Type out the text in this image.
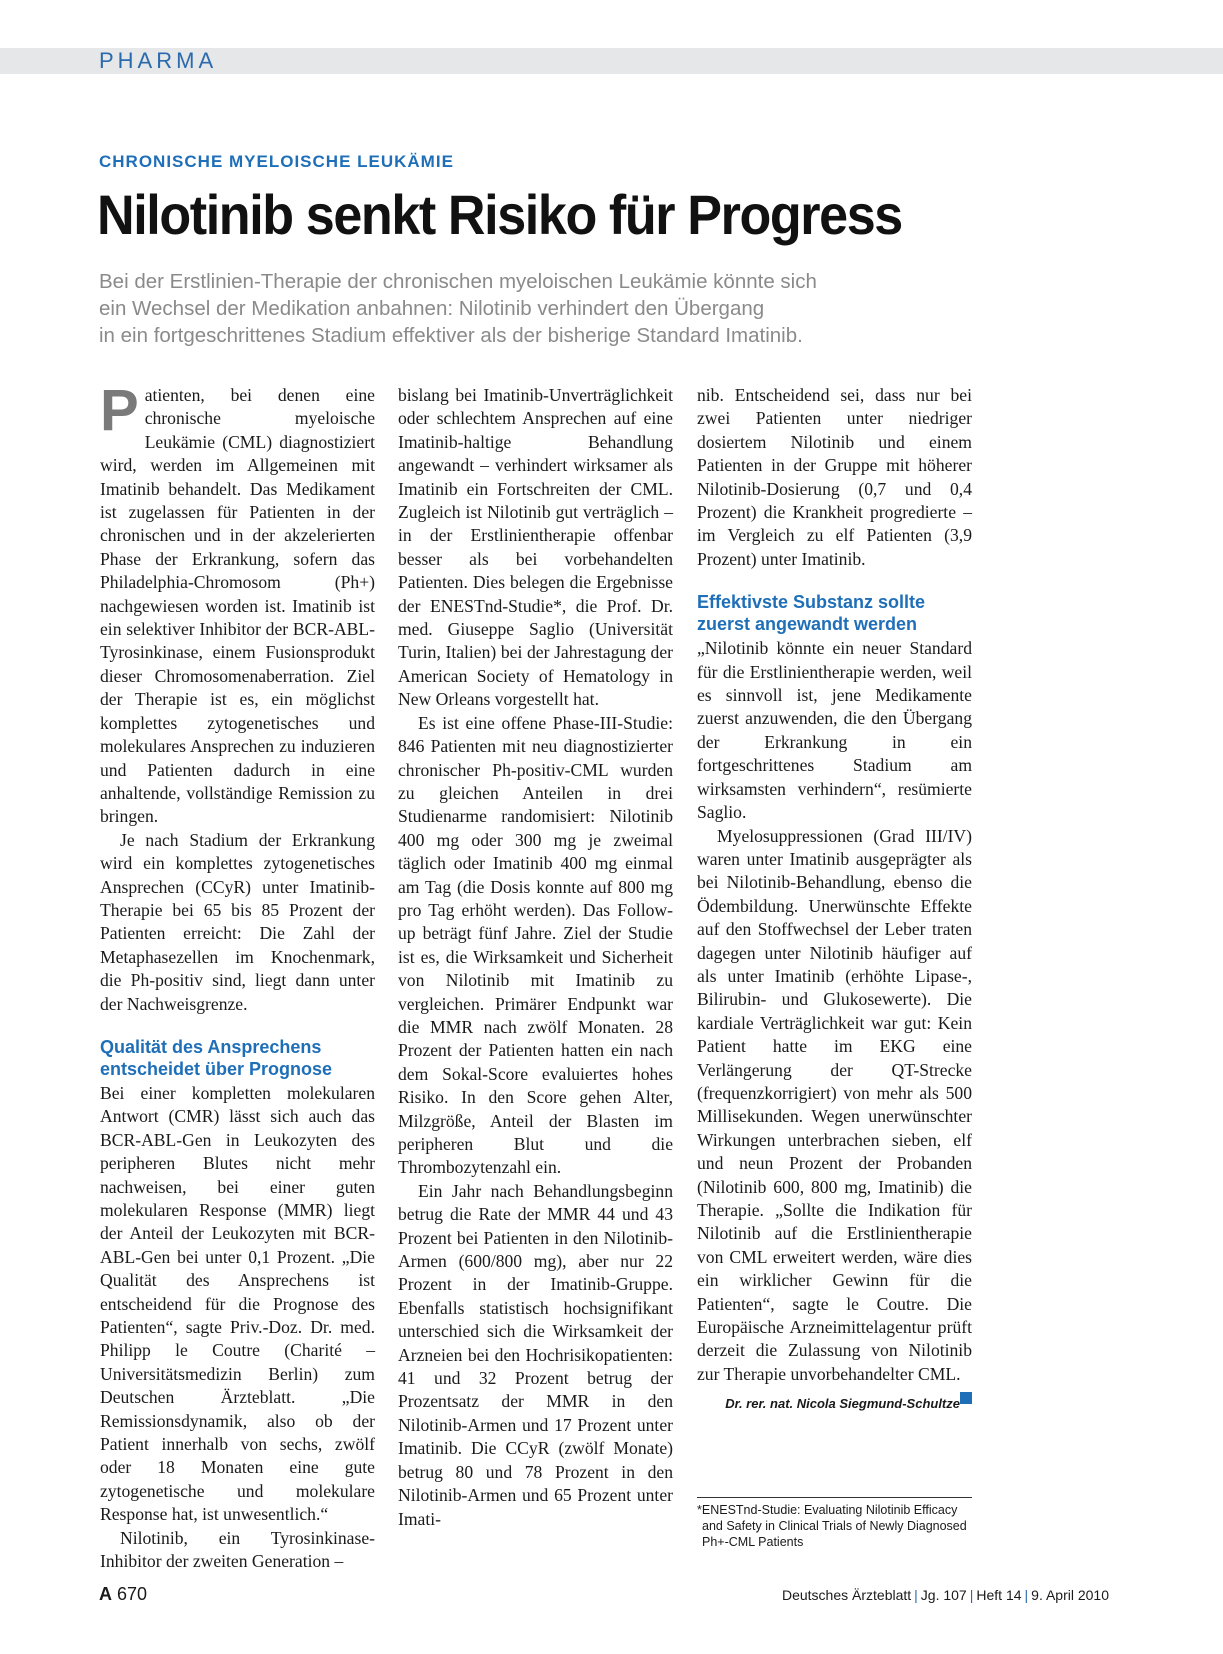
PHARMA
CHRONISCHE MYELOISCHE LEUKÄMIE
Nilotinib senkt Risiko für Progress
Bei der Erstlinien-Therapie der chronischen myeloischen Leukämie könnte sich
ein Wechsel der Medikation anbahnen: Nilotinib verhindert den Übergang
in ein fortgeschrittenes Stadium effektiver als der bisherige Standard Imatinib.

Patienten, bei denen eine chronische myeloische Leukämie (CML) diagnostiziert wird, werden im Allgemeinen mit Imatinib behandelt. Das Medikament ist zugelassen für Patienten in der chronischen und in der akzelerierten Phase der Erkrankung, sofern das Philadelphia-Chromosom (Ph+) nachgewiesen worden ist. Imatinib ist ein selektiver Inhibitor der BCR-ABL-Tyrosinkinase, einem Fusionsprodukt dieser Chromosomenaberration. Ziel der Therapie ist es, ein möglichst komplettes zytogenetisches und molekulares Ansprechen zu induzieren und Patienten dadurch in eine anhaltende, vollständige Remission zu bringen.

Je nach Stadium der Erkrankung wird ein komplettes zytogenetisches Ansprechen (CCyR) unter Imatinib-Therapie bei 65 bis 85 Prozent der Patienten erreicht: Die Zahl der Metaphasezellen im Knochenmark, die Ph-positiv sind, liegt dann unter der Nachweisgrenze.

Qualität des Ansprechens entscheidet über Prognose

Bei einer kompletten molekularen Antwort (CMR) lässt sich auch das BCR-ABL-Gen in Leukozyten des peripheren Blutes nicht mehr nachweisen, bei einer guten molekularen Response (MMR) liegt der Anteil der Leukozyten mit BCR-ABL-Gen bei unter 0,1 Prozent. „Die Qualität des Ansprechens ist entscheidend für die Prognose des Patienten“, sagte Priv.-Doz. Dr. med. Philipp le Coutre (Charité – Universitätsmedizin Berlin) zum Deutschen Ärzteblatt. „Die Remissionsdynamik, also ob der Patient innerhalb von sechs, zwölf oder 18 Monaten eine gute zytogenetische und molekulare Response hat, ist unwesentlich.“

Nilotinib, ein Tyrosinkinase-Inhibitor der zweiten Generation –

bislang bei Imatinib-Unverträglichkeit oder schlechtem Ansprechen auf eine Imatinib-haltige Behandlung angewandt – verhindert wirksamer als Imatinib ein Fortschreiten der CML. Zugleich ist Nilotinib gut verträglich – in der Erstlinientherapie offenbar besser als bei vorbehandelten Patienten. Dies belegen die Ergebnisse der ENESTnd-Studie*, die Prof. Dr. med. Giuseppe Saglio (Universität Turin, Italien) bei der Jahrestagung der American Society of Hematology in New Orleans vorgestellt hat.

Es ist eine offene Phase-III-Studie: 846 Patienten mit neu diagnostizierter chronischer Ph-positiv-CML wurden zu gleichen Anteilen in drei Studienarme randomisiert: Nilotinib 400 mg oder 300 mg je zweimal täglich oder Imatinib 400 mg einmal am Tag (die Dosis konnte auf 800 mg pro Tag erhöht werden). Das Follow-up beträgt fünf Jahre. Ziel der Studie ist es, die Wirksamkeit und Sicherheit von Nilotinib mit Imatinib zu vergleichen. Primärer Endpunkt war die MMR nach zwölf Monaten. 28 Prozent der Patienten hatten ein nach dem Sokal-Score evaluiertes hohes Risiko. In den Score gehen Alter, Milzgröße, Anteil der Blasten im peripheren Blut und die Thrombozytenzahl ein.

Ein Jahr nach Behandlungsbeginn betrug die Rate der MMR 44 und 43 Prozent bei Patienten in den Nilotinib-Armen (600/800 mg), aber nur 22 Prozent in der Imatinib-Gruppe. Ebenfalls statistisch hochsignifikant unterschied sich die Wirksamkeit der Arzneien bei den Hochrisikopatienten: 41 und 32 Prozent betrug der Prozentsatz der MMR in den Nilotinib-Armen und 17 Prozent unter Imatinib. Die CCyR (zwölf Monate) betrug 80 und 78 Prozent in den Nilotinib-Armen und 65 Prozent unter Imati-

nib. Entscheidend sei, dass nur bei zwei Patienten unter niedriger dosiertem Nilotinib und einem Patienten in der Gruppe mit höherer Nilotinib-Dosierung (0,7 und 0,4 Prozent) die Krankheit progredierte – im Vergleich zu elf Patienten (3,9 Prozent) unter Imatinib.

Effektivste Substanz sollte zuerst angewandt werden

„Nilotinib könnte ein neuer Standard für die Erstlinientherapie werden, weil es sinnvoll ist, jene Medikamente zuerst anzuwenden, die den Übergang der Erkrankung in ein fortgeschrittenes Stadium am wirksamsten verhindern“, resümierte Saglio.

Myelosuppressionen (Grad III/IV) waren unter Imatinib ausgeprägter als bei Nilotinib-Behandlung, ebenso die Ödembildung. Unerwünschte Effekte auf den Stoffwechsel der Leber traten dagegen unter Nilotinib häufiger auf als unter Imatinib (erhöhte Lipase-, Bilirubin- und Glukosewerte). Die kardiale Verträglichkeit war gut: Kein Patient hatte im EKG eine Verlängerung der QT-Strecke (frequenzkorrigiert) von mehr als 500 Millisekunden. Wegen unerwünschter Wirkungen unterbrachen sieben, elf und neun Prozent der Probanden (Nilotinib 600, 800 mg, Imatinib) die Therapie. „Sollte die Indikation für Nilotinib auf die Erstlinientherapie von CML erweitert werden, wäre dies ein wirklicher Gewinn für die Patienten“, sagte le Coutre. Die Europäische Arzneimittelagentur prüft derzeit die Zulassung von Nilotinib zur Therapie unvorbehandelter CML.

Dr. rer. nat. Nicola Siegmund-Schultze
*ENESTnd-Studie: Evaluating Nilotinib Efficacy
and Safety in Clinical Trials of Newly Diagnosed
Ph+-CML Patients
A 670	Deutsches Ärzteblatt | Jg. 107 | Heft 14 | 9. April 2010
